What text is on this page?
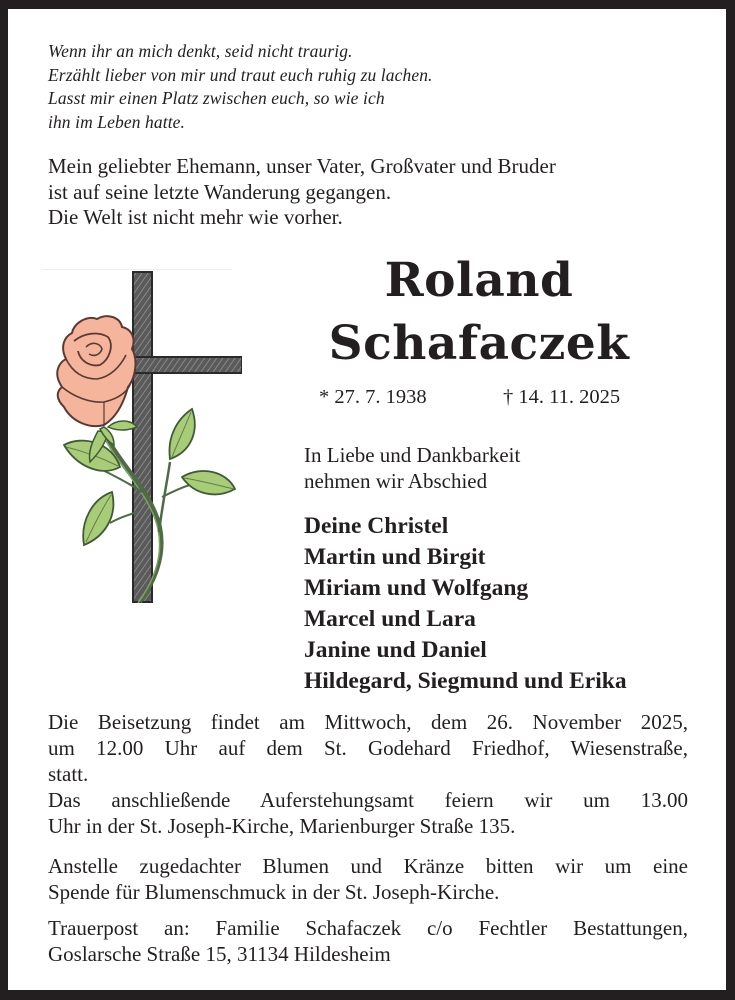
Wenn ihr an mich denkt, seid nicht traurig.
Erzählt lieber von mir und traut euch ruhig zu lachen.
Lasst mir einen Platz zwischen euch, so wie ich
ihn im Leben hatte.
Mein geliebter Ehemann, unser Vater, Großvater und Bruder
ist auf seine letzte Wanderung gegangen.
Die Welt ist nicht mehr wie vorher.
Roland
Schafaczek
* 27. 7. 1938	† 14. 11. 2025
In Liebe und Dankbarkeit
nehmen wir Abschied
Deine Christel
Martin und Birgit
Miriam und Wolfgang
Marcel und Lara
Janine und Daniel
Hildegard, Siegmund und Erika
Die Beisetzung findet am Mittwoch, dem 26. November 2025,
um 12.00 Uhr auf dem St. Godehard Friedhof, Wiesenstraße,
statt.
Das anschließende Auferstehungsamt feiern wir um 13.00
Uhr in der St. Joseph-Kirche, Marienburger Straße 135.
Anstelle zugedachter Blumen und Kränze bitten wir um eine
Spende für Blumenschmuck in der St. Joseph-Kirche.
Trauerpost an: Familie Schafaczek c/o Fechtler Bestattungen,
Goslarsche Straße 15, 31134 Hildesheim
